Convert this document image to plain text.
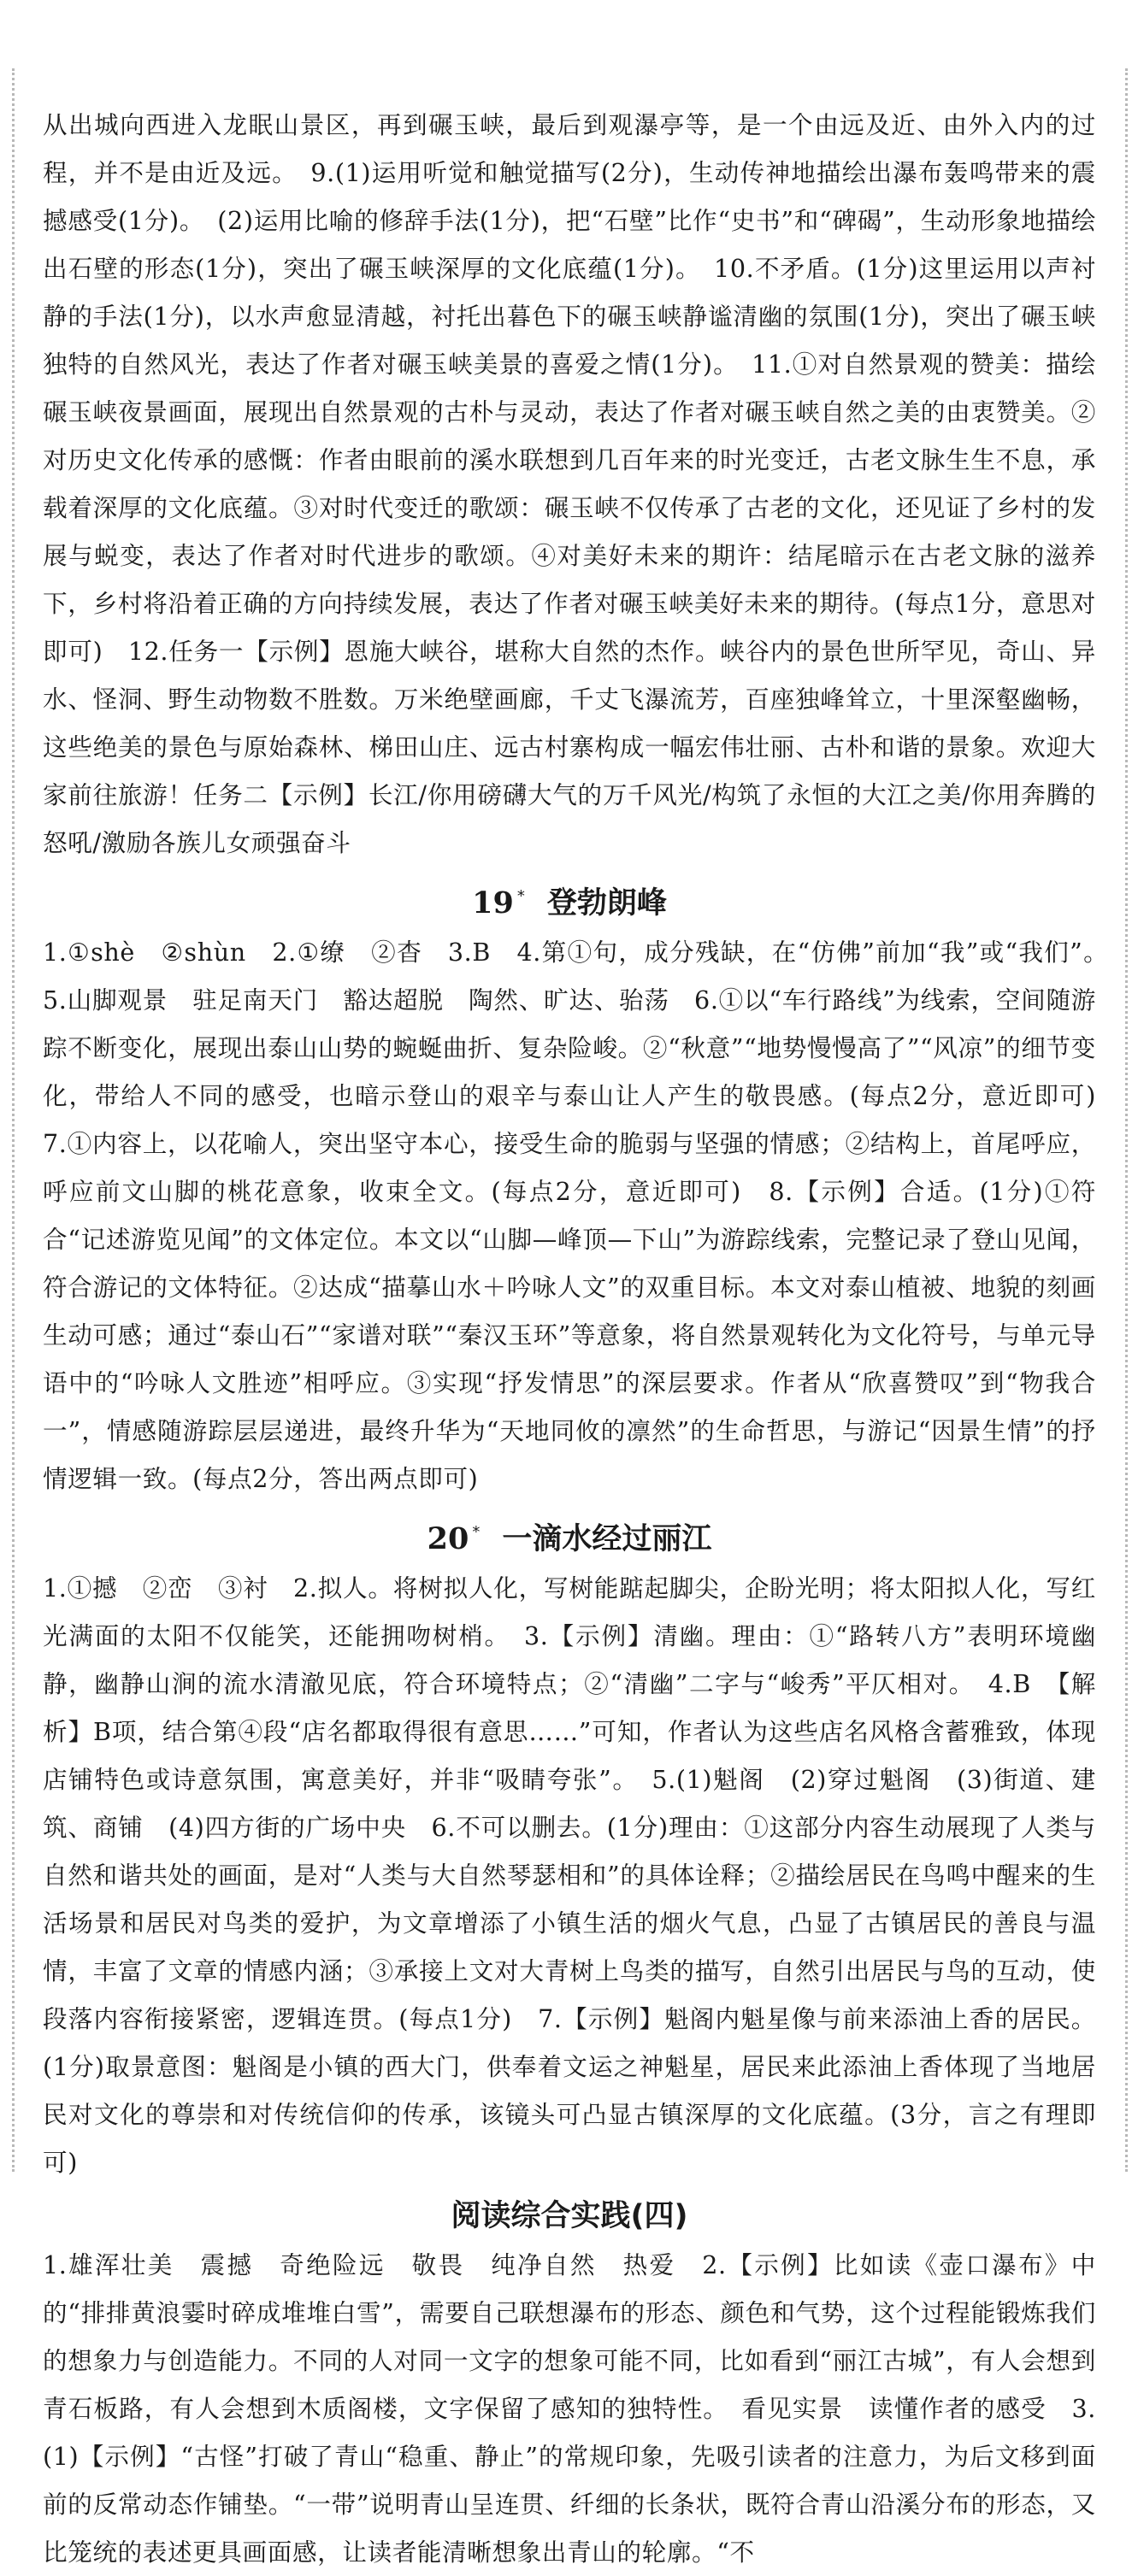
从出城向西进入龙眠山景区，再到碾玉峡，最后到观瀑亭等，是一个由远及近、由外入内的过程，并不是由近及远。　9.(1)运用听觉和触觉描写(2分)，生动传神地描绘出瀑布轰鸣带来的震撼感受(1分)。　(2)运用比喻的修辞手法(1分)，把“石壁”比作“史书”和“碑碣”，生动形象地描绘出石壁的形态(1分)，突出了碾玉峡深厚的文化底蕴(1分)。　10.不矛盾。(1分)这里运用以声衬静的手法(1分)，以水声愈显清越，衬托出暮色下的碾玉峡静谧清幽的氛围(1分)，突出了碾玉峡独特的自然风光，表达了作者对碾玉峡美景的喜爱之情(1分)。　11.①对自然景观的赞美：描绘碾玉峡夜景画面，展现出自然景观的古朴与灵动，表达了作者对碾玉峡自然之美的由衷赞美。②对历史文化传承的感慨：作者由眼前的溪水联想到几百年来的时光变迁，古老文脉生生不息，承载着深厚的文化底蕴。③对时代变迁的歌颂：碾玉峡不仅传承了古老的文化，还见证了乡村的发展与蜕变，表达了作者对时代进步的歌颂。④对美好未来的期许：结尾暗示在古老文脉的滋养下，乡村将沿着正确的方向持续发展，表达了作者对碾玉峡美好未来的期待。(每点1分，意思对即可)　12.任务一【示例】恩施大峡谷，堪称大自然的杰作。峡谷内的景色世所罕见，奇山、异水、怪洞、野生动物数不胜数。万米绝壁画廊，千丈飞瀑流芳，百座独峰耸立，十里深壑幽畅，这些绝美的景色与原始森林、梯田山庄、远古村寨构成一幅宏伟壮丽、古朴和谐的景象。欢迎大家前往旅游！任务二【示例】长江/你用磅礴大气的万千风光/构筑了永恒的大江之美/你用奔腾的怒吼/激励各族儿女顽强奋斗

19 * 登勃朗峰

1.①shè　②shùn　2.①缭　②杳　3.B　4.第①句，成分残缺，在“仿佛”前加“我”或“我们”。　5.山脚观景　驻足南天门　豁达超脱　陶然、旷达、骀荡　6.①以“车行路线”为线索，空间随游踪不断变化，展现出泰山山势的蜿蜒曲折、复杂险峻。②“秋意”“地势慢慢高了”“风凉”的细节变化，带给人不同的感受，也暗示登山的艰辛与泰山让人产生的敬畏感。(每点2分，意近即可)　7.①内容上，以花喻人，突出坚守本心，接受生命的脆弱与坚强的情感；②结构上，首尾呼应，呼应前文山脚的桃花意象，收束全文。(每点2分，意近即可)　8.【示例】合适。(1分)①符合“记述游览见闻”的文体定位。本文以“山脚—峰顶—下山”为游踪线索，完整记录了登山见闻，符合游记的文体特征。②达成“描摹山水＋吟咏人文”的双重目标。本文对泰山植被、地貌的刻画生动可感；通过“泰山石”“家谱对联”“秦汉玉环”等意象，将自然景观转化为文化符号，与单元导语中的“吟咏人文胜迹”相呼应。③实现“抒发情思”的深层要求。作者从“欣喜赞叹”到“物我合一”，情感随游踪层层递进，最终升华为“天地同攸的凛然”的生命哲思，与游记“因景生情”的抒情逻辑一致。(每点2分，答出两点即可)

20 * 一滴水经过丽江

1.①撼　②峦　③衬　2.拟人。将树拟人化，写树能踮起脚尖，企盼光明；将太阳拟人化，写红光满面的太阳不仅能笑，还能拥吻树梢。　3.【示例】清幽。理由：①“路转八方”表明环境幽静，幽静山涧的流水清澈见底，符合环境特点；②“清幽”二字与“峻秀”平仄相对。　4.B　【解析】B项，结合第④段“店名都取得很有意思……”可知，作者认为这些店名风格含蓄雅致，体现店铺特色或诗意氛围，寓意美好，并非“吸睛夸张”。　5.(1)魁阁　(2)穿过魁阁　(3)街道、建筑、商铺　(4)四方街的广场中央　6.不可以删去。(1分)理由：①这部分内容生动展现了人类与自然和谐共处的画面，是对“人类与大自然琴瑟相和”的具体诠释；②描绘居民在鸟鸣中醒来的生活场景和居民对鸟类的爱护，为文章增添了小镇生活的烟火气息，凸显了古镇居民的善良与温情，丰富了文章的情感内涵；③承接上文对大青树上鸟类的描写，自然引出居民与鸟的互动，使段落内容衔接紧密，逻辑连贯。(每点1分)　7.【示例】魁阁内魁星像与前来添油上香的居民。(1分)取景意图：魁阁是小镇的西大门，供奉着文运之神魁星，居民来此添油上香体现了当地居民对文化的尊崇和对传统信仰的传承，该镜头可凸显古镇深厚的文化底蕴。(3分，言之有理即可)

阅读综合实践(四)

1.雄浑壮美　震撼　奇绝险远　敬畏　纯净自然　热爱　2.【示例】比如读《壶口瀑布》中的“排排黄浪霎时碎成堆堆白雪”，需要自己联想瀑布的形态、颜色和气势，这个过程能锻炼我们的想象力与创造能力。不同的人对同一文字的想象可能不同，比如看到“丽江古城”，有人会想到青石板路，有人会想到木质阁楼，文字保留了感知的独特性。　看见实景　读懂作者的感受　3.(1)【示例】“古怪”打破了青山“稳重、静止”的常规印象，先吸引读者的注意力，为后文移到面前的反常动态作铺垫。“一带”说明青山呈连贯、纤细的长条状，既符合青山沿溪分布的形态，又比笼统的表述更具画面感，让读者能清晰想象出青山的轮廓。“不
